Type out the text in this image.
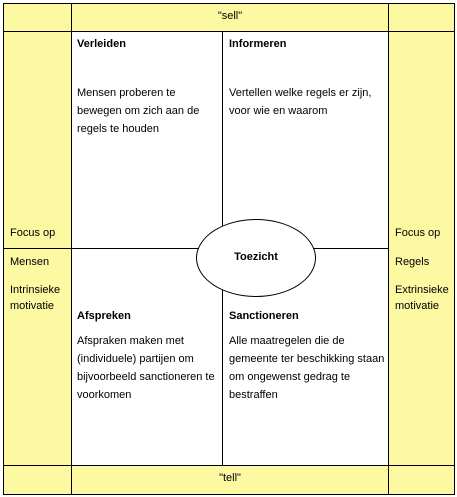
"sell"
Focus op
Mensen
Intrinsieke
motivatie
Focus op
Regels
Extrinsieke
motivatie
"tell"
Verleiden
Mensen proberen te
bewegen om zich aan de
regels te houden
Informeren
Vertellen welke regels er zijn,
voor wie en waarom
Afspreken
Afspraken maken met
(individuele) partijen om
bijvoorbeeld sanctioneren te
voorkomen
Sanctioneren
Alle maatregelen die de
gemeente ter beschikking staan
om ongewenst gedrag te
bestraffen
Toezicht
